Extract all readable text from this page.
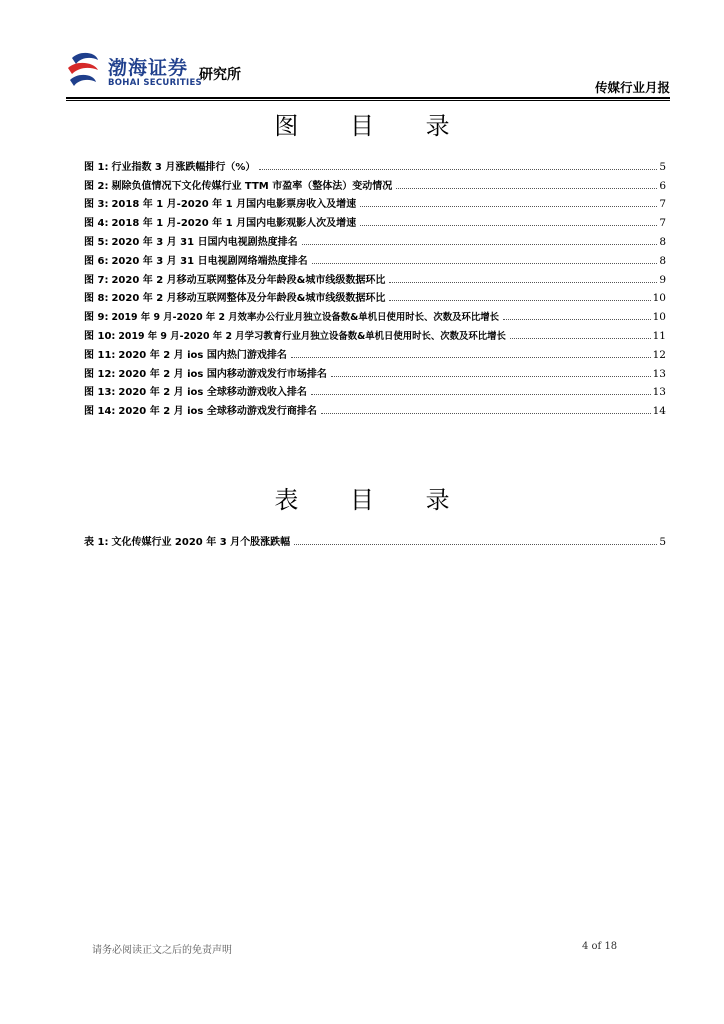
渤海证券
BOHAI SECURITIES
研究所
传媒行业月报
图 目 录
图 1: 行业指数 3 月涨跌幅排行（%）	5
图 2: 剔除负值情况下文化传媒行业 TTM 市盈率（整体法）变动情况	6
图 3: 2018 年 1 月-2020 年 1 月国内电影票房收入及增速	7
图 4: 2018 年 1 月-2020 年 1 月国内电影观影人次及增速	7
图 5: 2020 年 3 月 31 日国内电视剧热度排名	8
图 6: 2020 年 3 月 31 日电视剧网络端热度排名	8
图 7: 2020 年 2 月移动互联网整体及分年龄段&城市线级数据环比	9
图 8: 2020 年 2 月移动互联网整体及分年龄段&城市线级数据环比	10
图 9: 2019 年 9 月-2020 年 2 月效率办公行业月独立设备数&单机日使用时长、次数及环比增长	10
图 10: 2019 年 9 月-2020 年 2 月学习教育行业月独立设备数&单机日使用时长、次数及环比增长	11
图 11: 2020 年 2 月 ios 国内热门游戏排名	12
图 12: 2020 年 2 月 ios 国内移动游戏发行市场排名	13
图 13: 2020 年 2 月 ios 全球移动游戏收入排名	13
图 14: 2020 年 2 月 ios 全球移动游戏发行商排名	14
表 目 录
表 1: 文化传媒行业 2020 年 3 月个股涨跌幅	5
请务必阅读正文之后的免责声明	4 of 18
